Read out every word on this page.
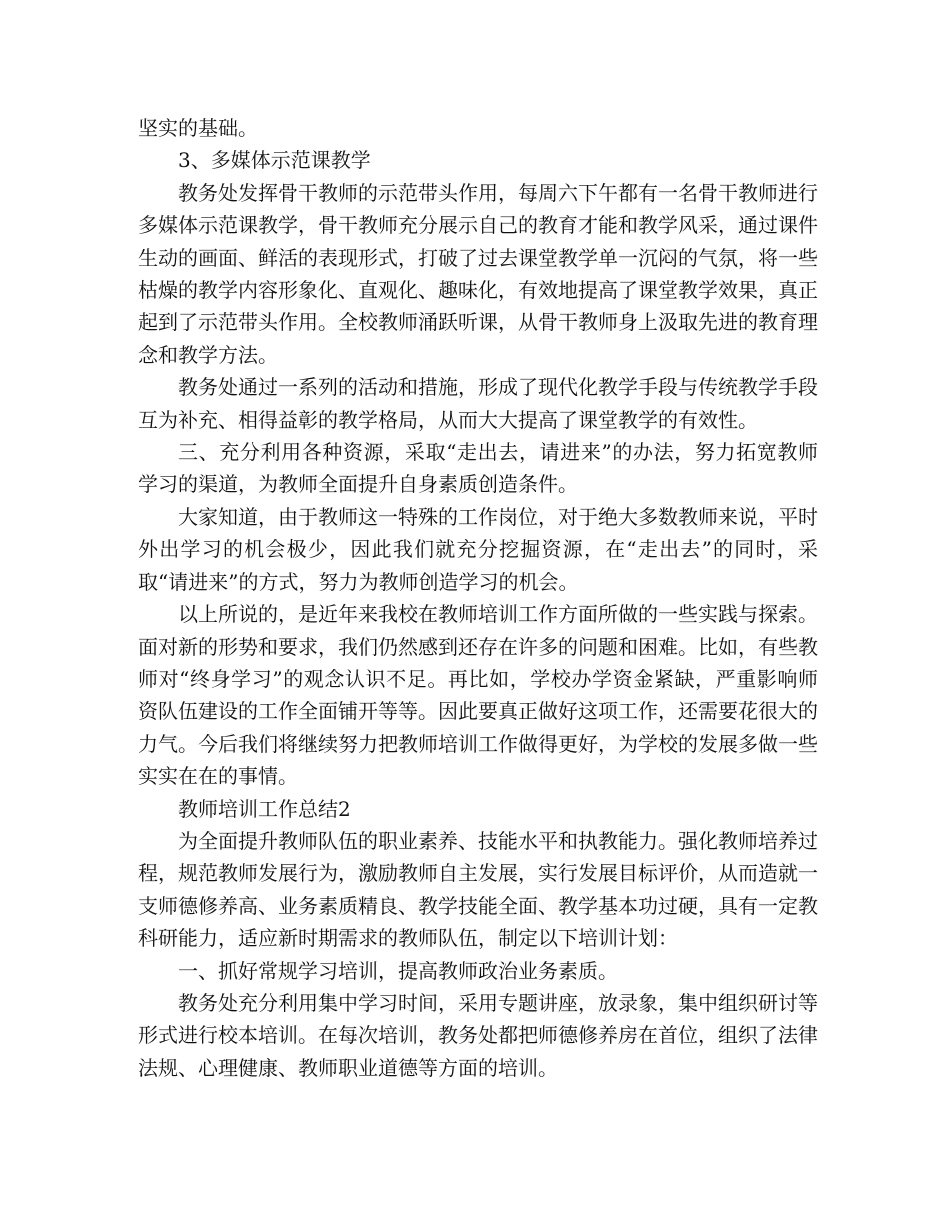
坚实的基础。

3、多媒体示范课教学

教务处发挥骨干教师的示范带头作用，每周六下午都有一名骨干教师进行多媒体示范课教学，骨干教师充分展示自己的教育才能和教学风采，通过课件生动的画面、鲜活的表现形式，打破了过去课堂教学单一沉闷的气氛，将一些枯燥的教学内容形象化、直观化、趣味化，有效地提高了课堂教学效果，真正起到了示范带头作用。全校教师涌跃听课，从骨干教师身上汲取先进的教育理念和教学方法。

教务处通过一系列的活动和措施，形成了现代化教学手段与传统教学手段互为补充、相得益彰的教学格局，从而大大提高了课堂教学的有效性。

三、充分利用各种资源，采取“走出去，请进来”的办法，努力拓宽教师学习的渠道，为教师全面提升自身素质创造条件。

大家知道，由于教师这一特殊的工作岗位，对于绝大多数教师来说，平时外出学习的机会极少，因此我们就充分挖掘资源，在“走出去”的同时，采取“请进来”的方式，努力为教师创造学习的机会。

以上所说的，是近年来我校在教师培训工作方面所做的一些实践与探索。面对新的形势和要求，我们仍然感到还存在许多的问题和困难。比如，有些教师对“终身学习”的观念认识不足。再比如，学校办学资金紧缺，严重影响师资队伍建设的工作全面铺开等等。因此要真正做好这项工作，还需要花很大的力气。今后我们将继续努力把教师培训工作做得更好，为学校的发展多做一些实实在在的事情。

教师培训工作总结2

为全面提升教师队伍的职业素养、技能水平和执教能力。强化教师培养过程，规范教师发展行为，激励教师自主发展，实行发展目标评价，从而造就一支师德修养高、业务素质精良、教学技能全面、教学基本功过硬，具有一定教科研能力，适应新时期需求的教师队伍，制定以下培训计划：

一、抓好常规学习培训，提高教师政治业务素质。

教务处充分利用集中学习时间，采用专题讲座，放录象，集中组织研讨等形式进行校本培训。在每次培训，教务处都把师德修养房在首位，组织了法律法规、心理健康、教师职业道德等方面的培训。
